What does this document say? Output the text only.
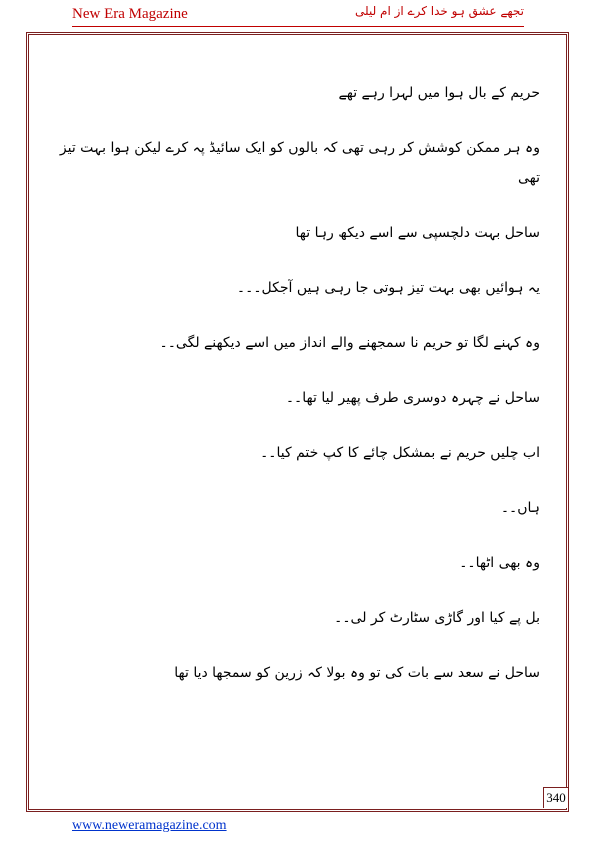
New Era Magazine	تجھے عشق ہو خدا کرے از ام لیلی

حریم کے بال ہوا میں لہرا رہے تھے

وہ ہر ممکن کوشش کر رہی تھی کہ بالوں کو ایک سائیڈ پہ کرے لیکن ہوا بہت تیز تھی

ساحل بہت دلچسپی سے اسے دیکھ رہا تھا

یہ ہوائیں بھی بہت تیز ہوتی جا رہی ہیں آجکل۔۔۔

وہ کہنے لگا تو حریم نا سمجھنے والے انداز میں اسے دیکھنے لگی۔۔

ساحل نے چہرہ دوسری طرف پھیر لیا تھا۔۔

اب چلیں حریم نے بمشکل چائے کا کپ ختم کیا۔۔

ہاں۔۔

وہ بھی اٹھا۔۔

بل پے کیا اور گاڑی سٹارٹ کر لی۔۔

ساحل نے سعد سے بات کی تو وہ بولا کہ زرین کو سمجھا دیا تھا

340
www.neweramagazine.com
